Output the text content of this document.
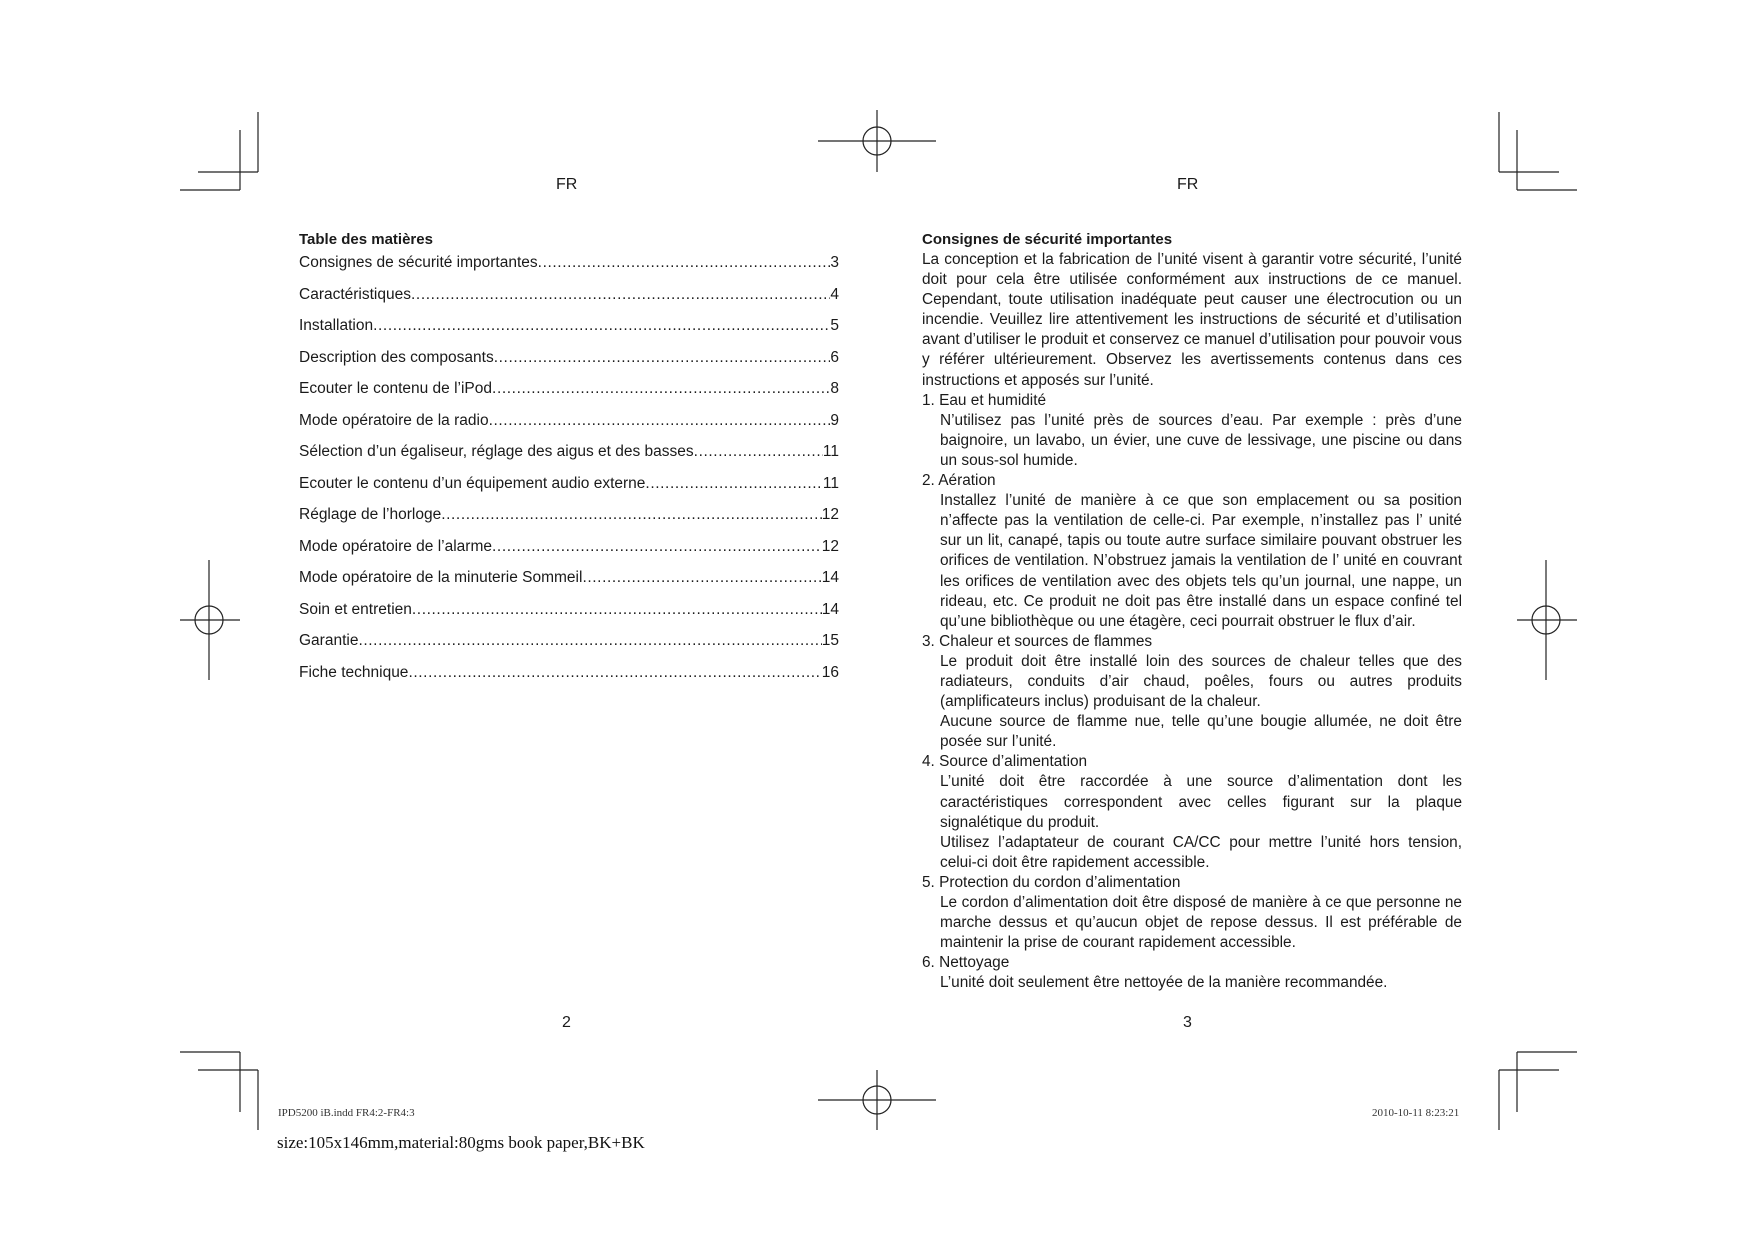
FR	FR
Table des matières
Consignes de sécurité importantes .....	3
Caractéristiques .....	4
Installation .....	5
Description des composants .....	6
Ecouter le contenu de l’iPod .....	8
Mode opératoire de la radio .....	9
Sélection d’un égaliseur, réglage des aigus et des basses .....	11
Ecouter le contenu d’un équipement audio externe .....	11
Réglage de l’horloge .....	12
Mode opératoire de l’alarme .....	12
Mode opératoire de la minuterie Sommeil .....	14
Soin et entretien .....	14
Garantie .....	15
Fiche technique .....	16
Consignes de sécurité importantes

La conception et la fabrication de l’unité visent à garantir votre sécurité, l’unité doit pour cela être utilisée conformément aux instructions de ce manuel. Cependant, toute utilisation inadéquate peut causer une électrocution ou un incendie. Veuillez lire attentivement les instructions de sécurité et d’utilisation avant d’utiliser le produit et conservez ce manuel d’utilisation pour pouvoir vous y référer ultérieurement. Observez les avertissements contenus dans ces instructions et apposés sur l’unité.

1. Eau et humidité

N’utilisez pas l’unité près de sources d’eau. Par exemple : près d’une baignoire, un lavabo, un évier, une cuve de lessivage, une piscine ou dans un sous-sol humide.

2. Aération

Installez l’unité de manière à ce que son emplacement ou sa position n’affecte pas la ventilation de celle-ci. Par exemple, n’installez pas l’ unité sur un lit, canapé, tapis ou toute autre surface similaire pouvant obstruer les orifices de ventilation. N’obstruez jamais la ventilation de l’ unité en couvrant les orifices de ventilation avec des objets tels qu’un journal, une nappe, un rideau, etc. Ce produit ne doit pas être installé dans un espace confiné tel qu’une bibliothèque ou une étagère, ceci pourrait obstruer le flux d’air.

3. Chaleur et sources de flammes

Le produit doit être installé loin des sources de chaleur telles que des radiateurs, conduits d’air chaud, poêles, fours ou autres produits (amplificateurs inclus) produisant de la chaleur.

Aucune source de flamme nue, telle qu’une bougie allumée, ne doit être posée sur l’unité.

4. Source d’alimentation

L’unité doit être raccordée à une source d’alimentation dont les caractéristiques correspondent avec celles figurant sur la plaque signalétique du produit.

Utilisez l’adaptateur de courant CA/CC pour mettre l’unité hors tension, celui-ci doit être rapidement accessible.

5. Protection du cordon d’alimentation

Le cordon d’alimentation doit être disposé de manière à ce que personne ne marche dessus et qu’aucun objet de repose dessus. Il est préférable de maintenir la prise de courant rapidement accessible.

6. Nettoyage

L’unité doit seulement être nettoyée de la manière recommandée.

2	3
IPD5200 iB.indd FR4:2-FR4:3	2010-10-11 8:23:21
size:105x146mm,material:80gms book paper,BK+BK
